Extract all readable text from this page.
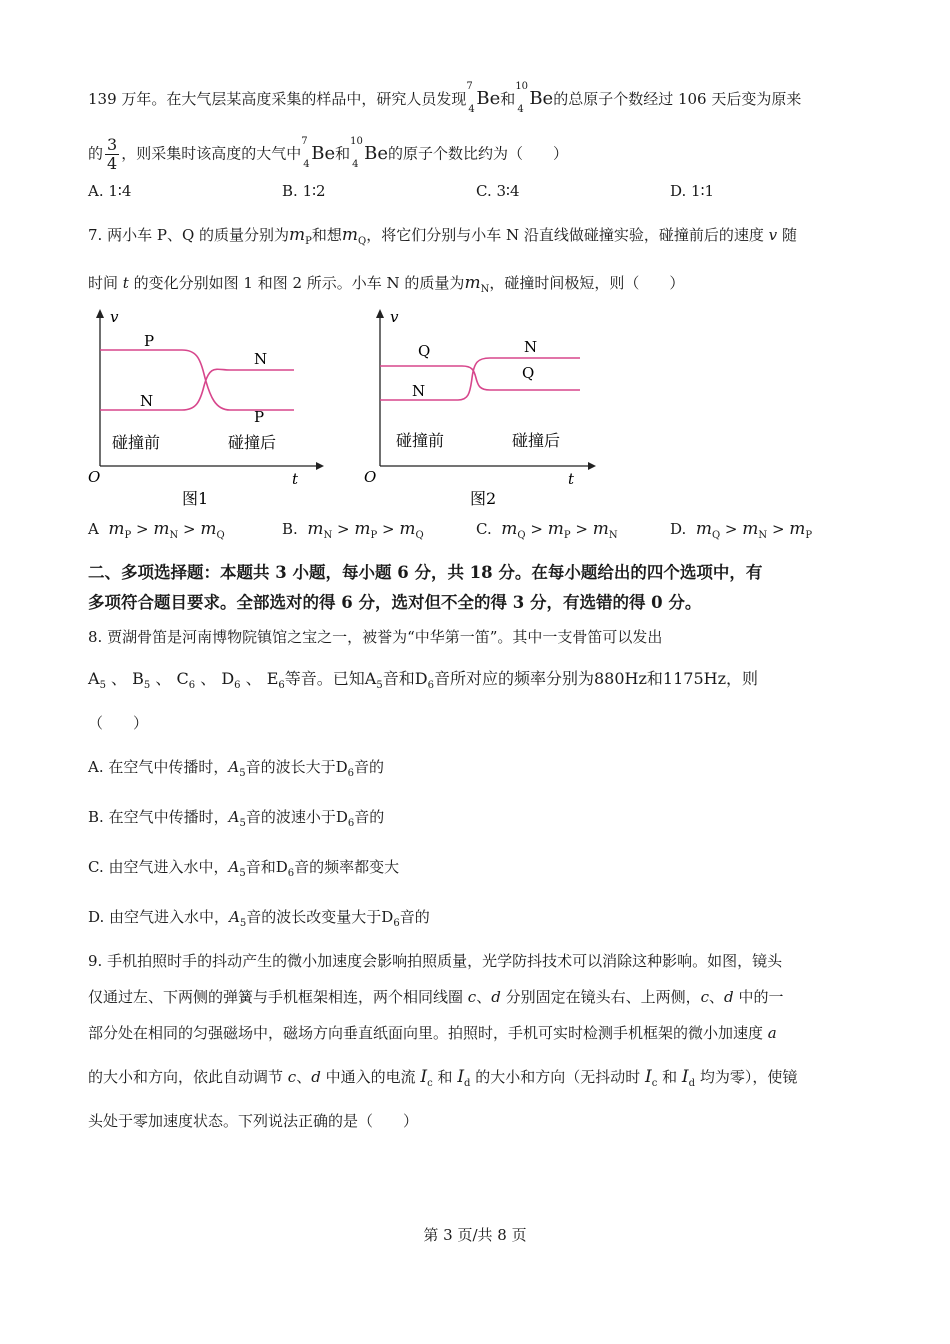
139 万年。在大气层某高度采集的样品中，研究人员发现
7
4
Be和
10
4
Be的总原子个数经过 106 天后变为原来
的 $\frac{3}{4}$ ，则采集时该高度的大气中
7
4
Be和
10
4
Be的原子个数比约为（　　）
A. 1∶4	B. 1∶2	C. 3∶4	D. 1∶1
7. 两小车 P、Q 的质量分别为$m_P$和想$m_Q$，将它们分别与小车 N 沿直线做碰撞实验，碰撞前后的速度 v 随
时间 t 的变化分别如图 1 和图 2 所示。小车 N 的质量为$m_N$，碰撞时间极短，则（　　）
v
O	t
P
N
N
P
碰撞前	碰撞后
图1
v
O	t
Q
N
N
Q
碰撞前	碰撞后
图2
A $m_P > m_N > m_Q$	B. $m_N > m_P > m_Q$	C. $m_Q > m_P > m_N$	D. $m_Q > m_N > m_P$
二、多项选择题：本题共 3 小题，每小题 6 分，共 18 分。在每小题给出的四个选项中，有
多项符合题目要求。全部选对的得 6 分，选对但不全的得 3 分，有选错的得 0 分。
8. 贾湖骨笛是河南博物院镇馆之宝之一，被誉为“中华第一笛”。其中一支骨笛可以发出
$A_5$ 、 $B_5$ 、 $C_6$ 、 $D_6$ 、 $E_6$等音。已知$A_5$音和$D_6$音所对应的频率分别为880Hz和1175Hz，则
（　　）
A. 在空气中传播时，$A_5$音的波长大于$D_6$音的
B. 在空气中传播时，$A_5$音的波速小于$D_6$音的
C. 由空气进入水中，$A_5$音和$D_6$音的频率都变大
D. 由空气进入水中，$A_5$音的波长改变量大于$D_6$音的
9. 手机拍照时手的抖动产生的微小加速度会影响拍照质量，光学防抖技术可以消除这种影响。如图，镜头
仅通过左、下两侧的弹簧与手机框架相连，两个相同线圈 c、d 分别固定在镜头右、上两侧，c、d 中的一
部分处在相同的匀强磁场中，磁场方向垂直纸面向里。拍照时，手机可实时检测手机框架的微小加速度 a
的大小和方向，依此自动调节 c、d 中通入的电流 $I_c$ 和 $I_d$ 的大小和方向（无抖动时 $I_c$ 和 $I_d$ 均为零），使镜
头处于零加速度状态。下列说法正确的是（　　）
第 3 页/共 8 页
